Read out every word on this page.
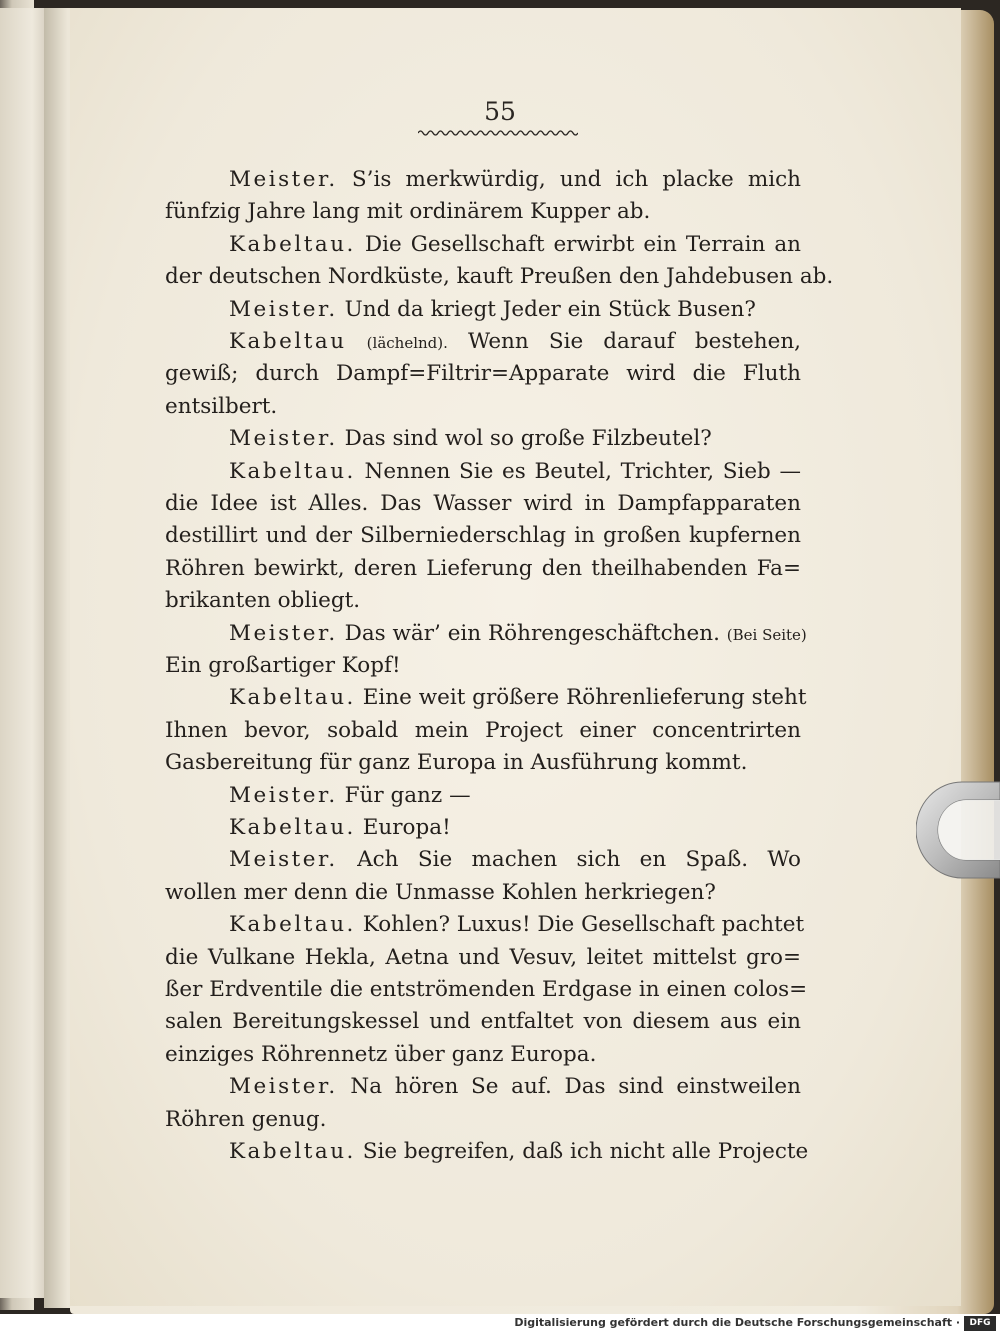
55
Meister. S’is merkwürdig, und ich placke mich
fünfzig Jahre lang mit ordinärem Kupper ab.
Kabeltau. Die Gesellschaft erwirbt ein Terrain an
der deutschen Nordküste, kauft Preußen den Jahdebusen ab.
Meister. Und da kriegt Jeder ein Stück Busen?
Kabeltau (lächelnd). Wenn Sie darauf bestehen,
gewiß; durch Dampf=Filtrir=Apparate wird die Fluth
entsilbert.
Meister. Das sind wol so große Filzbeutel?
Kabeltau. Nennen Sie es Beutel, Trichter, Sieb —
die Idee ist Alles. Das Wasser wird in Dampfapparaten
destillirt und der Silberniederschlag in großen kupfernen
Röhren bewirkt, deren Lieferung den theilhabenden Fa=
brikanten obliegt.
Meister. Das wär’ ein Röhrengeschäftchen. (Bei Seite)
Ein großartiger Kopf!
Kabeltau. Eine weit größere Röhrenlieferung steht
Ihnen bevor, sobald mein Project einer concentrirten
Gasbereitung für ganz Europa in Ausführung kommt.
Meister. Für ganz —
Kabeltau. Europa!
Meister. Ach Sie machen sich en Spaß. Wo
wollen mer denn die Unmasse Kohlen herkriegen?
Kabeltau. Kohlen? Luxus! Die Gesellschaft pachtet
die Vulkane Hekla, Aetna und Vesuv, leitet mittelst gro=
ßer Erdventile die entströmenden Erdgase in einen colos=
salen Bereitungskessel und entfaltet von diesem aus ein
einziges Röhrennetz über ganz Europa.
Meister. Na hören Se auf. Das sind einstweilen
Röhren genug.
Kabeltau. Sie begreifen, daß ich nicht alle Projecte
Digitalisierung gefördert durch die Deutsche Forschungsgemeinschaft ·	DFG
